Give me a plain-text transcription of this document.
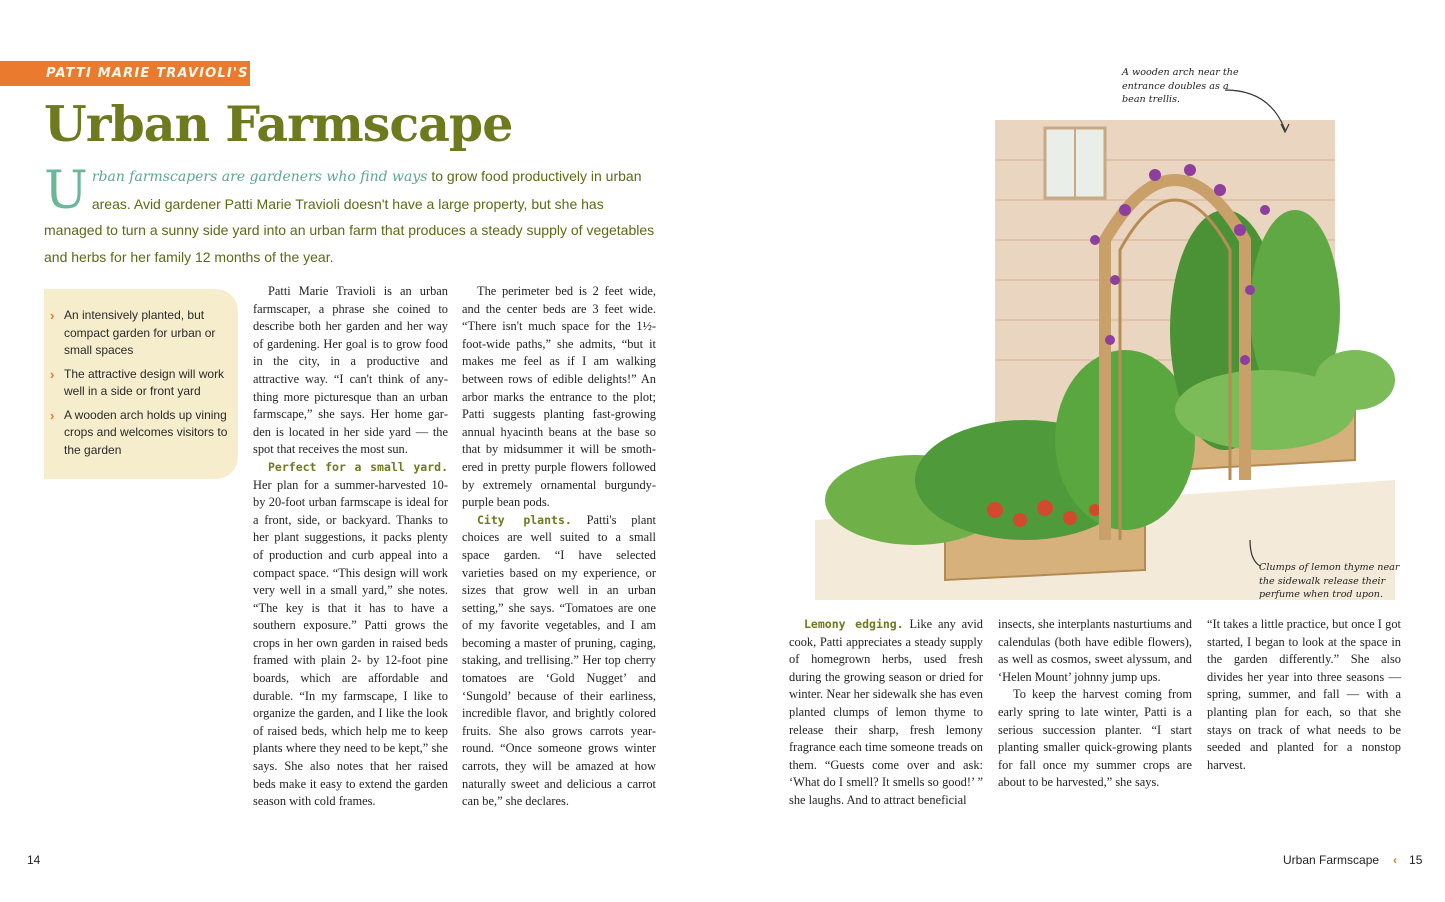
PATTI MARIE TRAVIOLI'S
Urban Farmscape
Urban farmscapers are gardeners who find ways to grow food productively in urban areas. Avid gardener Patti Marie Travioli doesn't have a large property, but she has managed to turn a sunny side yard into an urban farm that produces a steady supply of vegetables and herbs for her family 12 months of the year.
› An intensively planted, but compact garden for urban or small spaces
› The attractive design will work well in a side or front yard
› A wooden arch holds up vining crops and welcomes visitors to the garden

Patti Marie Travioli is an urban farmscaper, a phrase she coined to describe both her garden and her way of gardening. Her goal is to grow food in the city, in a productive and attractive way. “I can't think of anything more picturesque than an urban farmscape,” she says. Her home garden is located in her side yard — the spot that receives the most sun.

Perfect for a small yard. Her plan for a summer-harvested 10- by 20-foot urban farmscape is ideal for a front, side, or backyard. Thanks to her plant suggestions, it packs plenty of production and curb appeal into a compact space. “This design will work very well in a small yard,” she notes. “The key is that it has to have a southern exposure.” Patti grows the crops in her own garden in raised beds framed with plain 2- by 12-foot pine boards, which are affordable and durable. “In my farmscape, I like to organize the garden, and I like the look of raised beds, which help me to keep plants where they need to be kept,” she says. She also notes that her raised beds make it easy to extend the garden season with cold frames.

The perimeter bed is 2 feet wide, and the center beds are 3 feet wide. “There isn't much space for the 1½-foot-wide paths,” she admits, “but it makes me feel as if I am walking between rows of edible delights!” An arbor marks the entrance to the plot; Patti suggests planting fast-growing annual hyacinth beans at the base so that by midsummer it will be smothered in pretty purple flowers followed by extremely ornamental burgundy-purple bean pods.

City plants. Patti's plant choices are well suited to a small space garden. “I have selected varieties based on my experience, or sizes that grow well in an urban setting,” she says. “Tomatoes are one of my favorite vegetables, and I am becoming a master of pruning, caging, staking, and trellising.” Her top cherry tomatoes are ‘Gold Nugget’ and ‘Sungold’ because of their earliness, incredible flavor, and brightly colored fruits. She also grows carrots year-round. “Once someone grows winter carrots, they will be amazed at how naturally sweet and delicious a carrot can be,” she declares.

A wooden arch near the entrance doubles as a bean trellis.
Clumps of lemon thyme near the sidewalk release their perfume when trod upon.

Lemony edging. Like any avid cook, Patti appreciates a steady supply of homegrown herbs, used fresh during the growing season or dried for winter. Near her sidewalk she has even planted clumps of lemon thyme to release their sharp, fresh lemony fragrance each time someone treads on them. “Guests come over and ask: ‘What do I smell? It smells so good!’ ” she laughs. And to attract beneficial

insects, she interplants nasturtiums and calendulas (both have edible flowers), as well as cosmos, sweet alyssum, and ‘Helen Mount’ johnny jump ups.

To keep the harvest coming from early spring to late winter, Patti is a serious succession planter. “I start planting smaller quick-growing plants for fall once my summer crops are about to be harvested,” she says.

“It takes a little practice, but once I got started, I began to look at the space in the garden differently.” She also divides her year into three seasons — spring, summer, and fall — with a planting plan for each, so that she stays on track of what needs to be seeded and planted for a nonstop harvest.

14	Urban Farmscape ‹ 15
